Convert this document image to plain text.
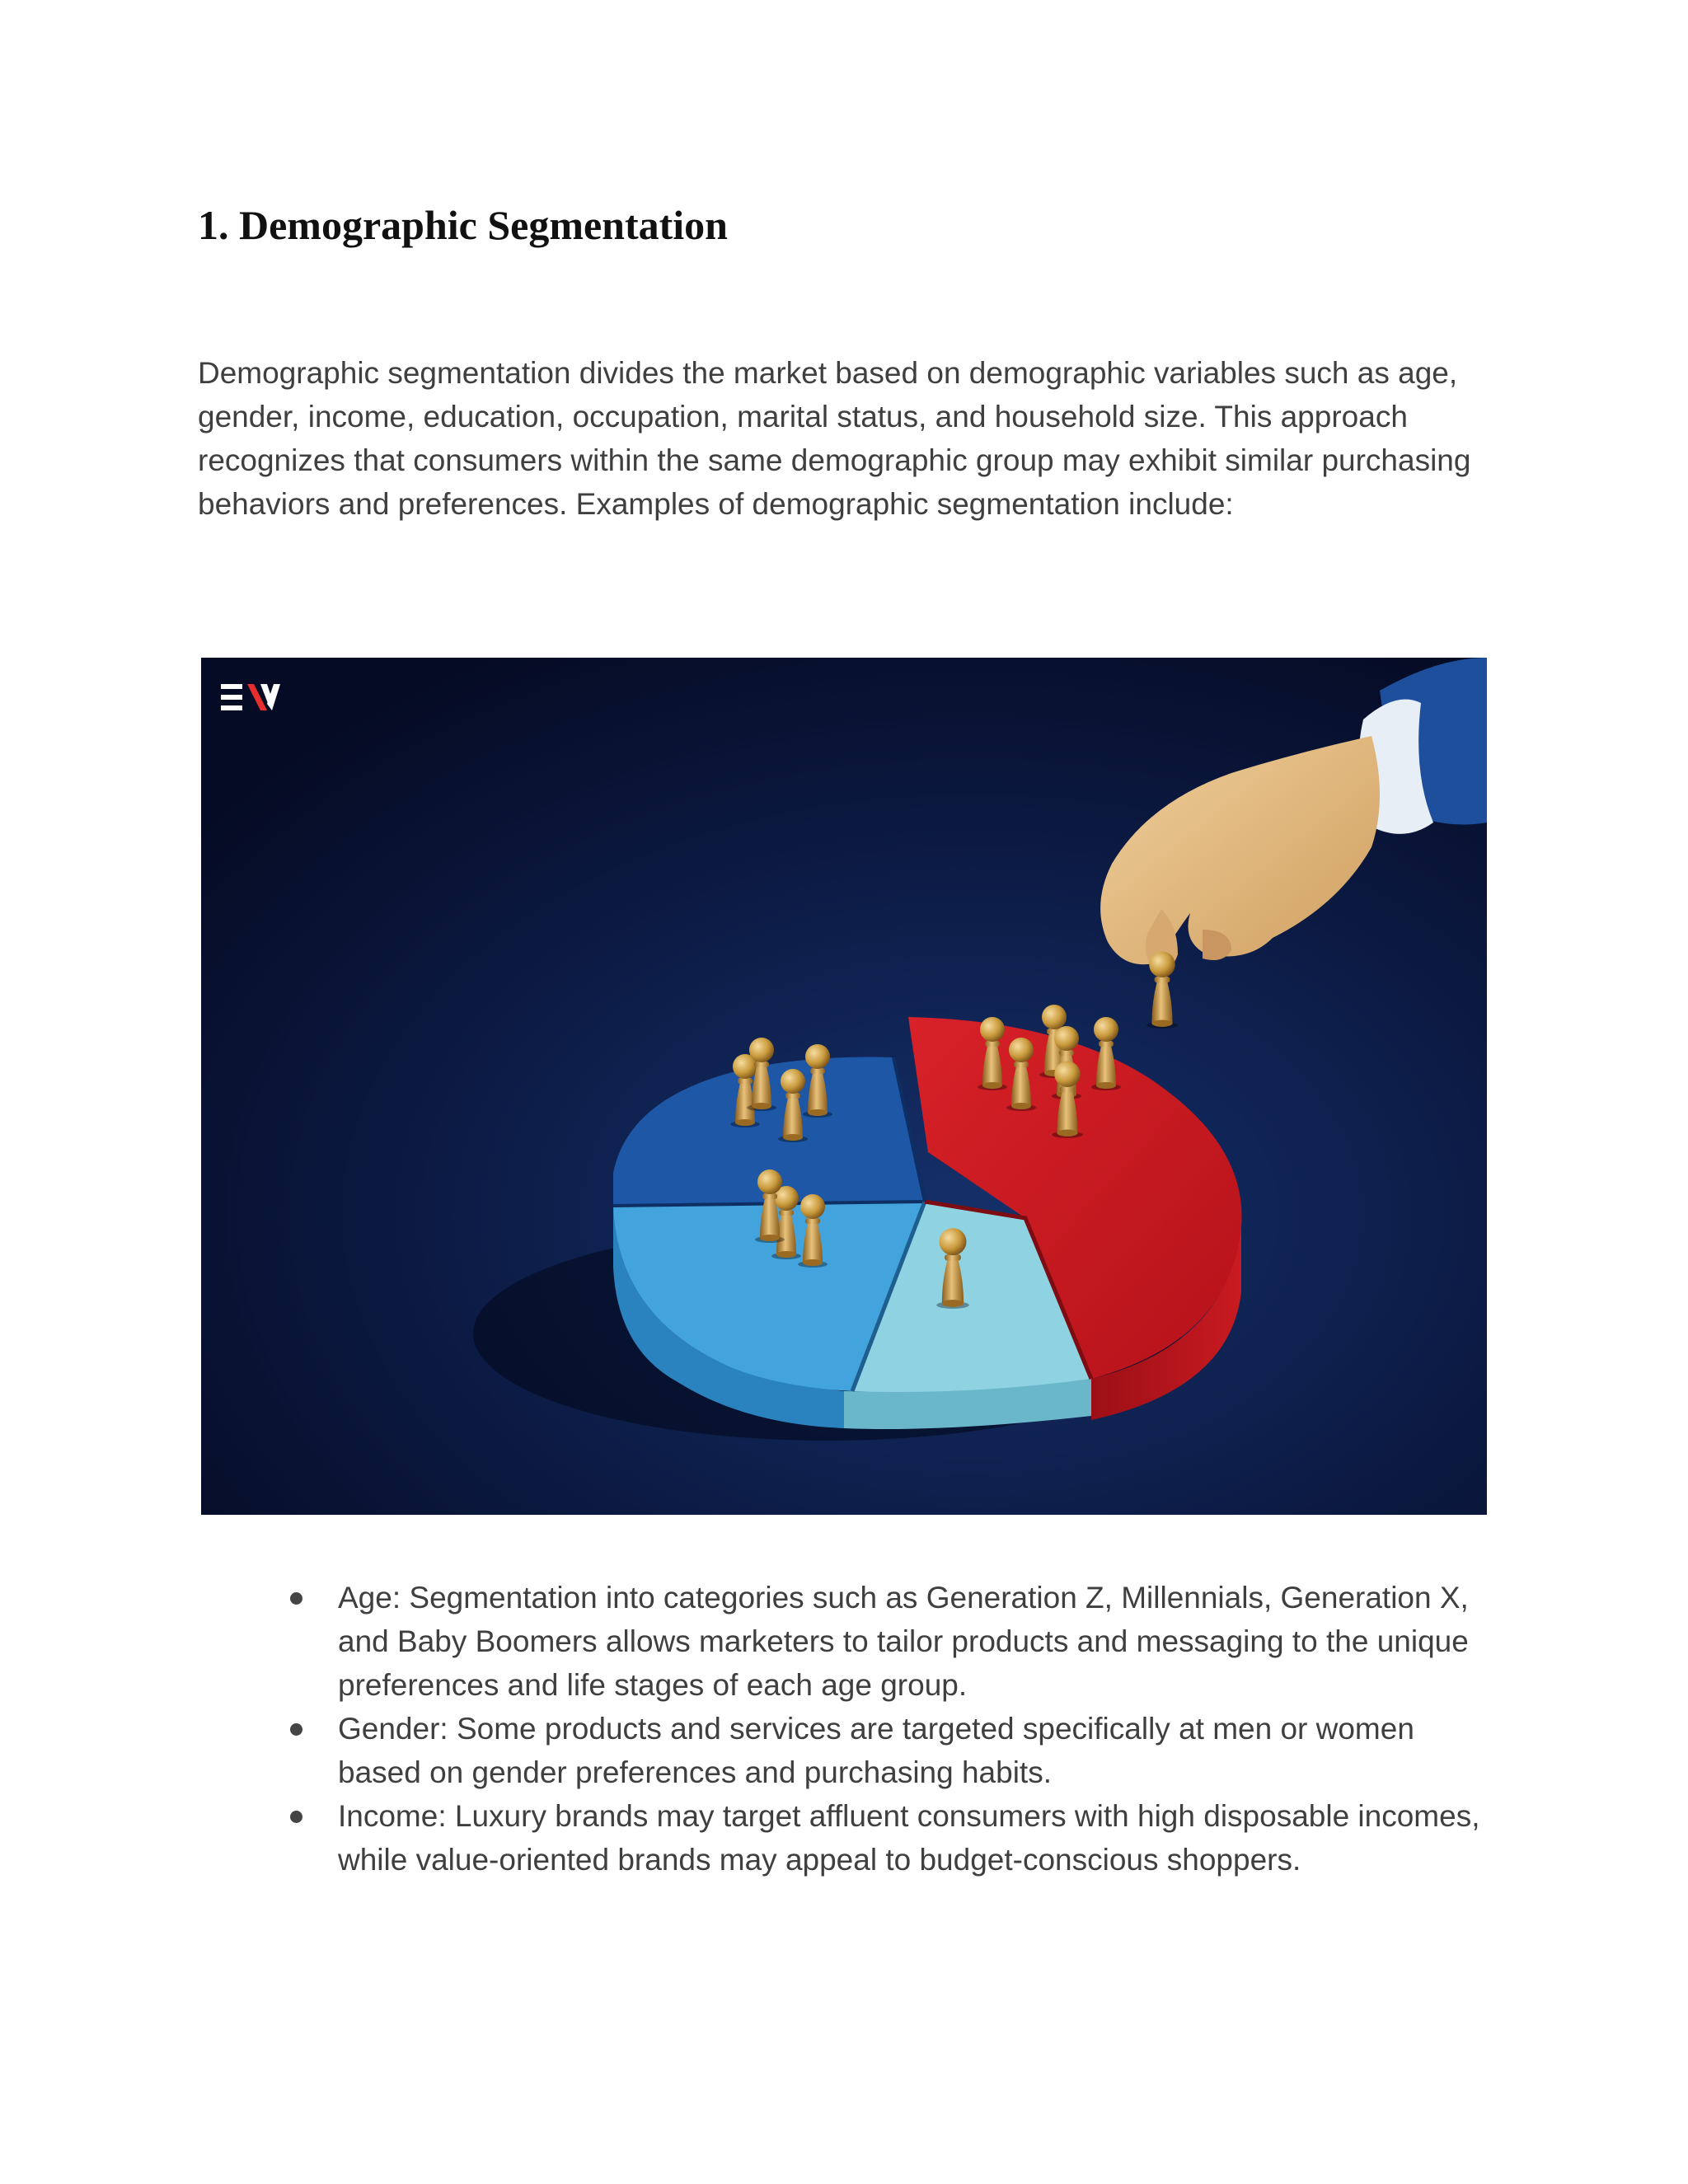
1. Demographic Segmentation

Demographic segmentation divides the market based on demographic variables such as age, gender, income, education, occupation, marital status, and household size. This approach recognizes that consumers within the same demographic group may exhibit similar purchasing behaviors and preferences. Examples of demographic segmentation include:

Age: Segmentation into categories such as Generation Z, Millennials, Generation X, and Baby Boomers allows marketers to tailor products and messaging to the unique preferences and life stages of each age group.
Gender: Some products and services are targeted specifically at men or women based on gender preferences and purchasing habits.
Income: Luxury brands may target affluent consumers with high disposable incomes, while value-oriented brands may appeal to budget-conscious shoppers.
